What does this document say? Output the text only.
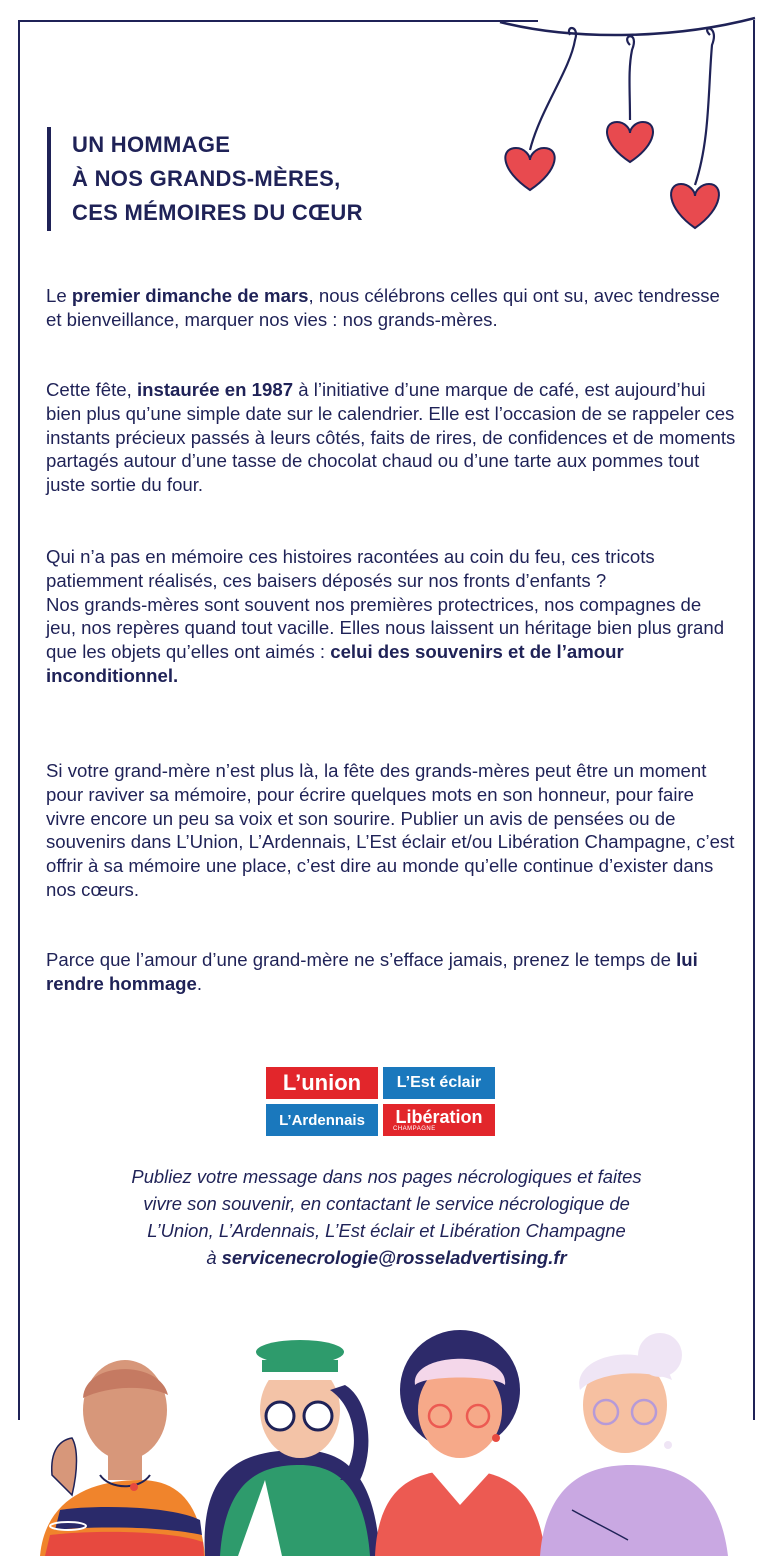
UN HOMMAGE
À NOS GRANDS-MÈRES,
CES MÉMOIRES DU CŒUR

Le premier dimanche de mars, nous célébrons celles qui ont su, avec tendresse et bienveillance, marquer nos vies : nos grands-mères.

Cette fête, instaurée en 1987 à l’initiative d’une marque de café, est aujourd’hui bien plus qu’une simple date sur le calendrier. Elle est l’occasion de se rappeler ces instants précieux passés à leurs côtés, faits de rires, de confidences et de moments partagés autour d’une tasse de chocolat chaud ou d’une tarte aux pommes tout juste sortie du four.

Qui n’a pas en mémoire ces histoires racontées au coin du feu, ces tricots patiemment réalisés, ces baisers déposés sur nos fronts d’enfants ?
Nos grands-mères sont souvent nos premières protectrices, nos compagnes de jeu, nos repères quand tout vacille. Elles nous laissent un héritage bien plus grand que les objets qu’elles ont aimés : celui des souvenirs et de l’amour inconditionnel.

Si votre grand-mère n’est plus là, la fête des grands-mères peut être un moment pour raviver sa mémoire, pour écrire quelques mots en son honneur, pour faire vivre encore un peu sa voix et son sourire. Publier un avis de pensées ou de souvenirs dans L’Union, L’Ardennais, L’Est éclair et/ou Libération Champagne, c’est offrir à sa mémoire une place, c’est dire au monde qu’elle continue d’exister dans nos cœurs.

Parce que l’amour d’une grand-mère ne s’efface jamais, prenez le temps de lui rendre hommage.

L’union	L’Est éclair
L’Ardennais	Libération
CHAMPAGNE

Publiez votre message dans nos pages nécrologiques et faites
vivre son souvenir, en contactant le service nécrologique de
L’Union, L’Ardennais, L’Est éclair et Libération Champagne
à servicenecrologie@rosseladvertising.fr
